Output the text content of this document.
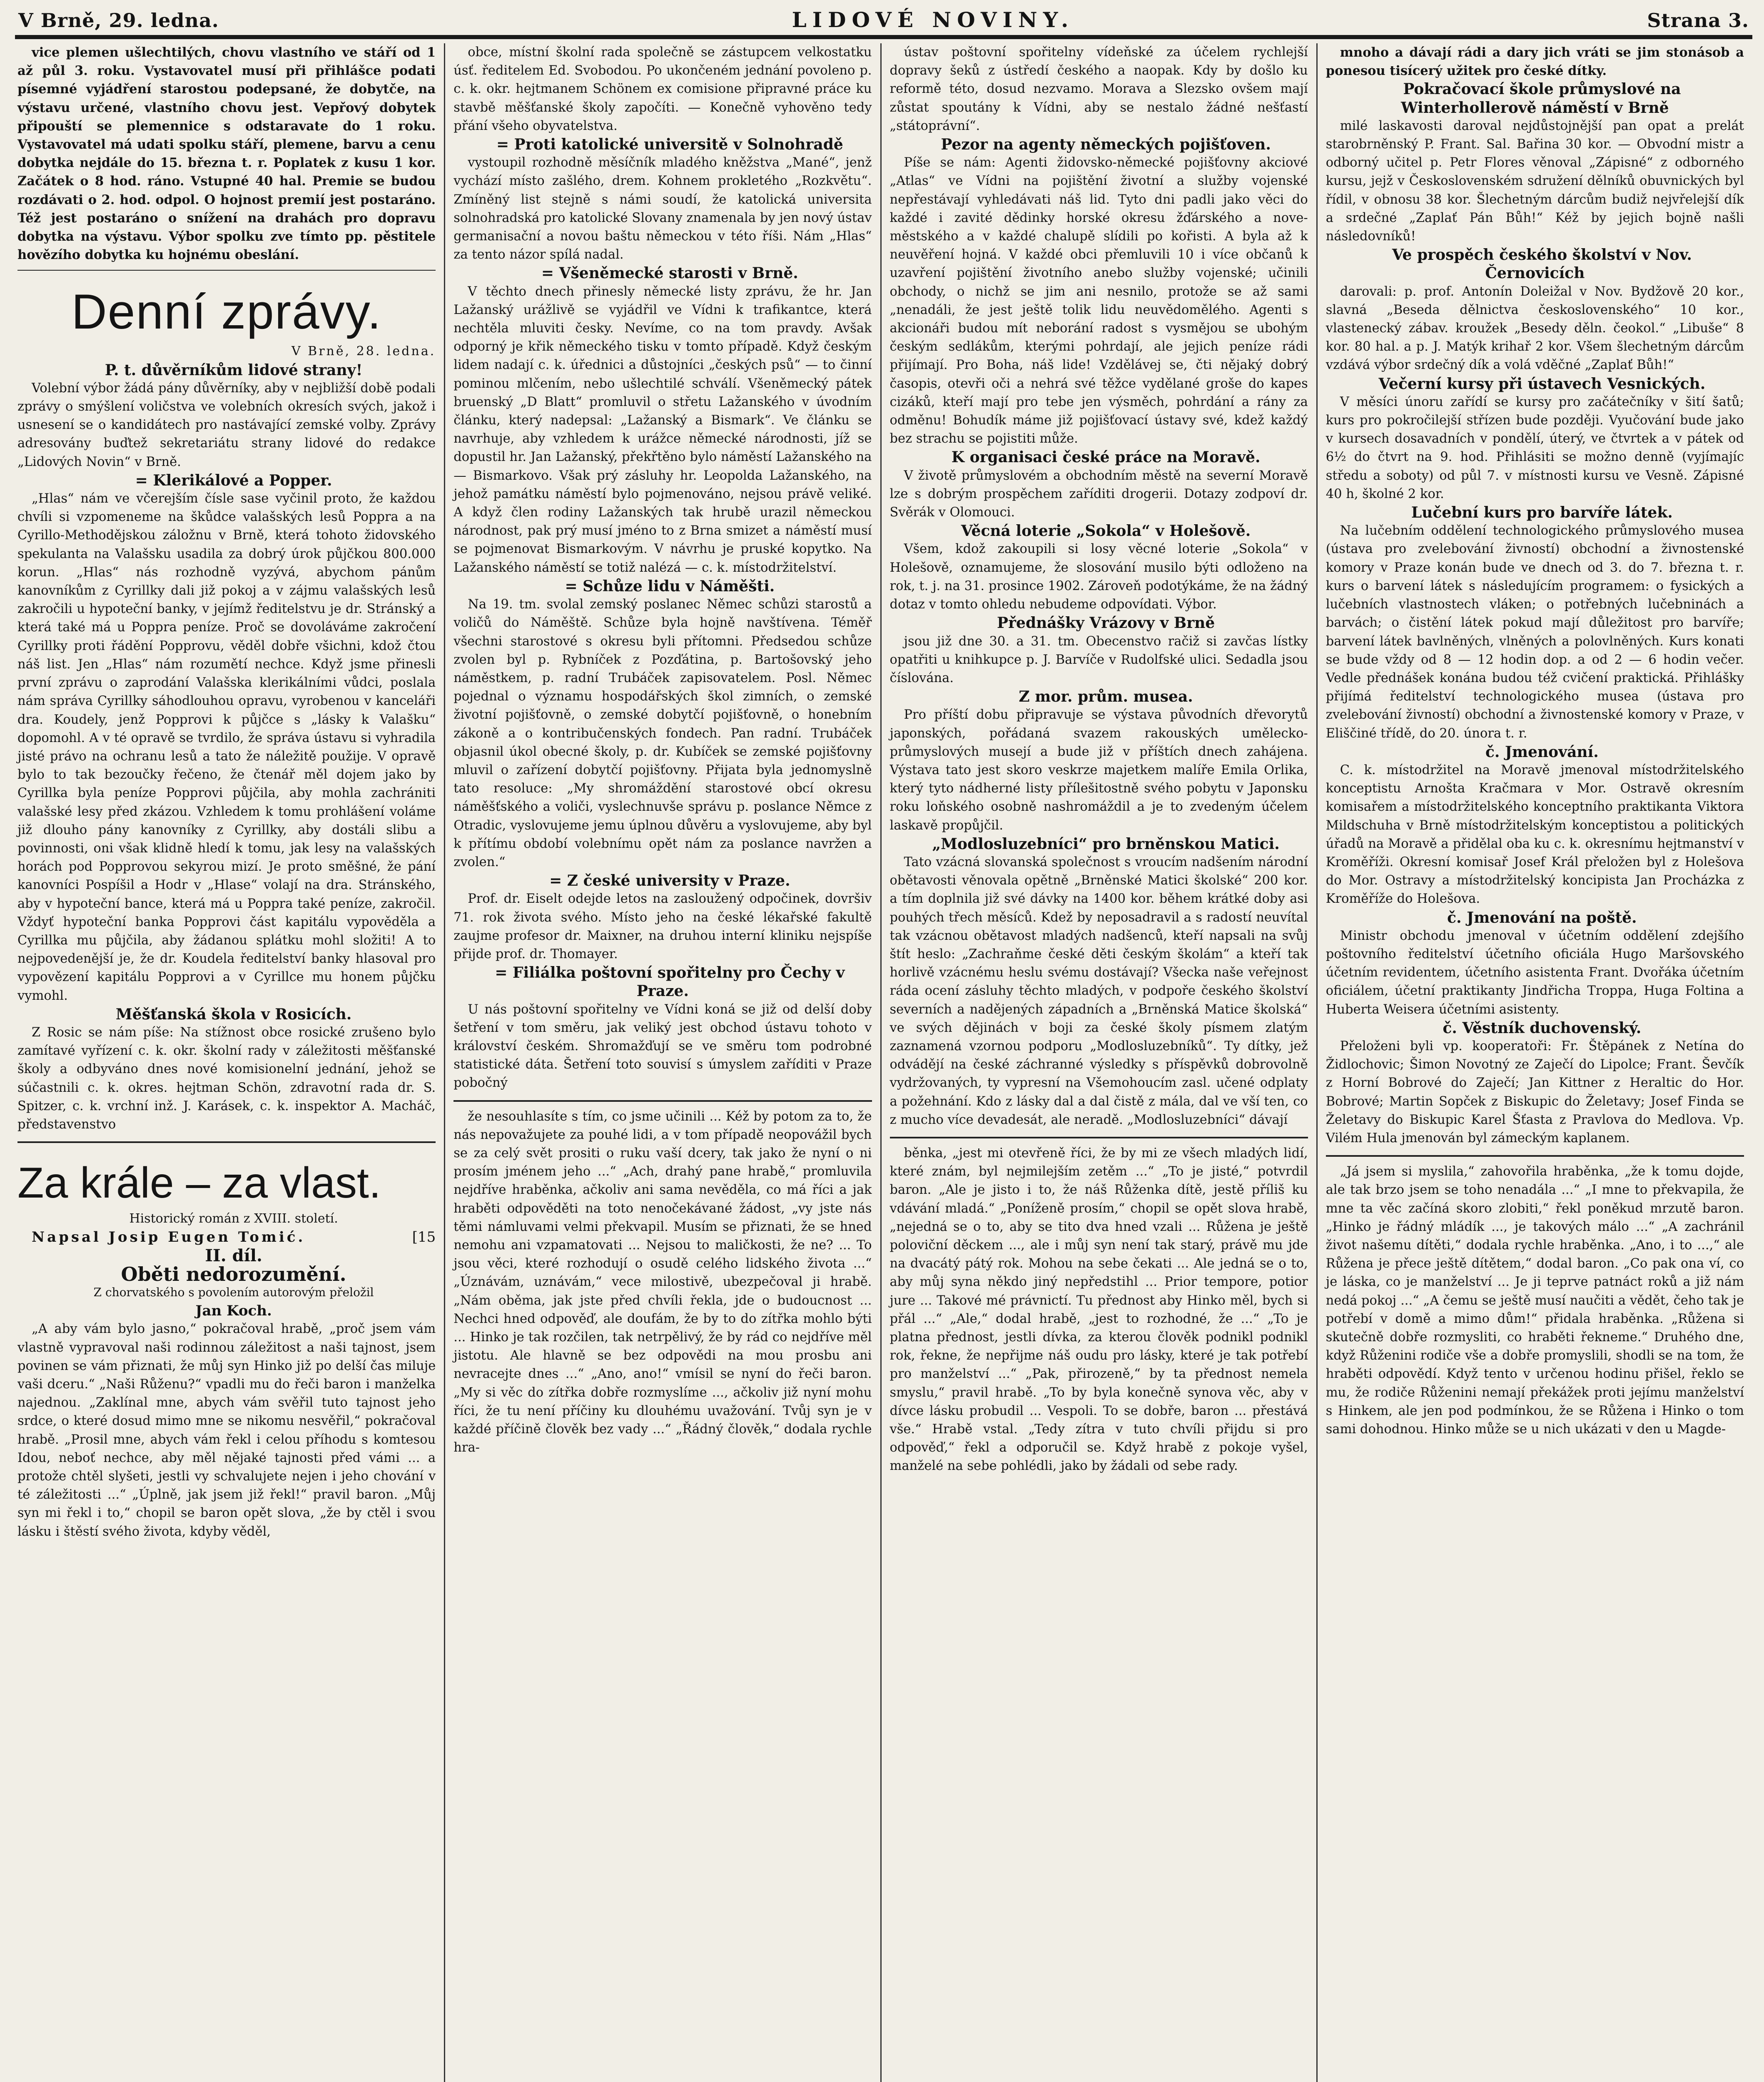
V Brně, 29. ledna.	LIDOVÉ NOVINY.	Strana 3.

vice plemen ušlechtilých, chovu vlastního ve stáří od 1 až půl 3. roku. Vystavovatel musí při přihlášce podati písemné vyjádření starostou podepsané, že dobytče, na výstavu určené, vlastního chovu jest. Vepřový dobytek připouští se plemennice s odstaravate do 1 roku. Vystavovatel má udati spolku stáří, plemene, barvu a cenu dobytka nejdále do 15. března t. r. Poplatek z kusu 1 kor. Začátek o 8 hod. ráno. Vstupné 40 hal. Premie se budou rozdávati o 2. hod. odpol. O hojnost premií jest postaráno. Též jest postaráno o snížení na drahách pro dopravu dobytka na výstavu. Výbor spolku zve tímto pp. pěstitele hovězího dobytka ku hojnému obeslání.

Denní zprávy.

V Brně, 28. ledna.

P. t. důvěrníkům lidové strany!

Volební výbor žádá pány důvěrníky, aby v nejbližší době podali zprávy o smýšlení voličstva ve volebních okresích svých, jakož i usnesení se o kandidátech pro nastávající zemské volby. Zprávy adresovány buďtež sekretariátu strany lidové do redakce „Lidových Novin“ v Brně.

= Klerikálové a Popper.

„Hlas“ nám ve včerejším čísle sase vyčinil proto, že každou chvíli si vzpomeneme na škůdce valašských lesů Poppra a na Cyrillo-Methodějskou záložnu v Brně, která tohoto židovského spekulanta na Valašsku usadila za dobrý úrok půjčkou 800.000 korun. „Hlas“ nás rozhodně vyzývá, abychom pánům kanovníkům z Cyrillky dali již pokoj a v zájmu valašských lesů zakročili u hypoteční banky, v jejímž ředitelstvu je dr. Stránský a která také má u Poppra peníze. Proč se dovoláváme zakročení Cyrillky proti řádění Popprovu, věděl dobře všichni, kdož čtou náš list. Jen „Hlas“ nám rozumětí nechce. Když jsme přinesli první zprávu o zaprodání Valašska klerikálními vůdci, poslala nám správa Cyrillky sáhodlouhou opravu, vyrobenou v kanceláři dra. Koudely, jenž Popprovi k půjčce s „lásky k Valašku“ dopomohl. A v té opravě se tvrdilo, že správa ústavu si vyhradila jisté právo na ochranu lesů a tato že náležitě použije. V opravě bylo to tak bezoučky řečeno, že čtenář měl dojem jako by Cyrillka byla peníze Popprovi půjčila, aby mohla zachrániti valašské lesy před zkázou. Vzhledem k tomu prohlášení voláme již dlouho pány kanovníky z Cyrillky, aby dostáli slibu a povinnosti, oni však klidně hledí k tomu, jak lesy na valašských horách pod Popprovou sekyrou mizí. Je proto směšné, že pání kanovníci Pospíšil a Hodr v „Hlase“ volají na dra. Stránského, aby v hypoteční bance, která má u Poppra také peníze, zakročil. Vždyť hypoteční banka Popprovi část kapitálu vypověděla a Cyrillka mu půjčila, aby žádanou splátku mohl složiti! A to nejpovedenější je, že dr. Koudela ředitelství banky hlasoval pro vypovězení kapitálu Popprovi a v Cyrillce mu honem půjčku vymohl.

Měšťanská škola v Rosicích.

Z Rosic se nám píše: Na stížnost obce rosické zrušeno bylo zamítavé vyřízení c. k. okr. školní rady v záležitosti měšťanské školy a odbyváno dnes nové komisionelní jednání, jehož se súčastnili c. k. okres. hejtman Schön, zdravotní rada dr. S. Spitzer, c. k. vrchní inž. J. Karásek, c. k. inspektor A. Macháč, představenstvo

Za krále – za vlast.

Historický román z XVIII. století.

Napsal Josip Eugen Tomić.	[15

II. díl.

Oběti nedorozumění.

Z chorvatského s povolením autorovým přeložil

Jan Koch.

„A aby vám bylo jasno,“ pokračoval hrabě, „proč jsem vám vlastně vypravoval naši rodinnou záležitost a naši tajnost, jsem povinen se vám přiznati, že můj syn Hinko již po delší čas miluje vaši dceru.“ „Naši Růženu?“ vpadli mu do řeči baron i manželka najednou. „Zaklínal mne, abych vám svěřil tuto tajnost jeho srdce, o které dosud mimo mne se nikomu nesvěřil,“ pokračoval hrabě. „Prosil mne, abych vám řekl i celou příhodu s komtesou Idou, neboť nechce, aby měl nějaké tajnosti před vámi ... a protože chtěl slyšeti, jestli vy schvalujete nejen i jeho chování v té záležitosti ...“ „Úplně, jak jsem již řekl!“ pravil baron. „Můj syn mi řekl i to,“ chopil se baron opět slova, „že by ctěl i svou lásku i štěstí svého života, kdyby věděl,

obce, místní školní rada společně se zástupcem velkostatku úsť. ředitelem Ed. Svobodou. Po ukončeném jednání povoleno p. c. k. okr. hejtmanem Schönem ex comisione připravné práce ku stavbě měšťanské školy započíti. — Konečně vyhověno tedy přání všeho obyvatelstva.

= Proti katolické universitě v Solnohradě

vystoupil rozhodně měsíčník mladého kněžstva „Mané“, jenž vychází místo zašlého, drem. Kohnem prokletého „Rozkvětu“. Zmíněný list stejně s námi soudí, že katolická universita solnohradská pro katolické Slovany znamenala by jen nový ústav germanisační a novou baštu německou v této říši. Nám „Hlas“ za tento názor spílá nadal.

= Všeněmecké starosti v Brně.

V těchto dnech přinesly německé listy zprávu, že hr. Jan Lažanský urážlivě se vyjádřil ve Vídni k trafikantce, která nechtěla mluviti česky. Nevíme, co na tom pravdy. Avšak odporný je křik německého tisku v tomto případě. Když českým lidem nadají c. k. úřednici a důstojníci „českých psů“ — to činní pominou mlčením, nebo ušlechtilé schválí. Všeněmecký pátek bruenský „D Blatt“ promluvil o střetu Lažanského v úvodním článku, který nadepsal: „Lažanský a Bismark“. Ve článku se navrhuje, aby vzhledem k urážce německé národnosti, jíž se dopustil hr. Jan Lažanský, překřtěno bylo náměstí Lažanského na — Bismarkovo. Však prý zásluhy hr. Leopolda Lažanského, na jehož památku náměstí bylo pojmenováno, nejsou právě veliké. A když člen rodiny Lažanských tak hrubě urazil německou národnost, pak prý musí jméno to z Brna smizet a náměstí musí se pojmenovat Bismarkovým. V návrhu je pruské kopytko. Na Lažanského náměstí se totiž nalézá — c. k. místodržitelství.

= Schůze lidu v Náměšti.

Na 19. tm. svolal zemský poslanec Němec schůzi starostů a voličů do Náměště. Schůze byla hojně navštívena. Téměř všechni starostové s okresu byli přítomni. Předsedou schůze zvolen byl p. Rybníček z Pozďátina, p. Bartošovský jeho náměstkem, p. radní Trubáček zapisovatelem. Posl. Němec pojednal o významu hospodářských škol zimních, o zemské životní pojišťovně, o zemské dobytčí pojišťovně, o honebním zákoně a o kontribučenských fondech. Pan radní. Trubáček objasnil úkol obecné školy, p. dr. Kubíček se zemské pojišťovny mluvil o zařízení dobytčí pojišťovny. Přijata byla jednomyslně tato resoluce: „My shromáždění starostové obcí okresu náměšťského a voliči, vyslechnuvše správu p. poslance Němce z Otradic, vyslovujeme jemu úplnou důvěru a vyslovujeme, aby byl k přítímu období volebnímu opět nám za poslance navržen a zvolen.“

= Z české university v Praze.

Prof. dr. Eiselt odejde letos na zasloužený odpočinek, dovršiv 71. rok života svého. Místo jeho na české lékařské fakultě zaujme profesor dr. Maixner, na druhou interní kliniku nejspíše přijde prof. dr. Thomayer.

= Filiálka poštovní spořitelny pro Čechy v Praze.

U nás poštovní spořitelny ve Vídni koná se již od delší doby šetření v tom směru, jak veliký jest obchod ústavu tohoto v království českém. Shromažďují se ve směru tom podrobné statistické dáta. Šetření toto souvisí s úmyslem zaříditi v Praze pobočný

že nesouhlasíte s tím, co jsme učinili ... Kéž by potom za to, že nás nepovažujete za pouhé lidi, a v tom případě neopovážil bych se za celý svět prositi o ruku vaší dcery, tak jako že nyní o ni prosím jménem jeho ...“ „Ach, drahý pane hrabě,“ promluvila nejdříve hraběnka, ačkoliv ani sama nevěděla, co má říci a jak hraběti odpověděti na toto nenočekávané žádost, „vy jste nás těmi námluvami velmi překvapil. Musím se přiznati, že se hned nemohu ani vzpamatovati ... Nejsou to maličkosti, že ne? ... To jsou věci, které rozhodují o osudě celého lidského života ...“ „Úznávám, uznávám,“ vece milostivě, ubezpečoval ji hrabě. „Nám oběma, jak jste před chvíli řekla, jde o budoucnost ... Nechci hned odpověď, ale doufám, že by to do zítřka mohlo býti ... Hinko je tak rozčilen, tak netrpělivý, že by rád co nejdříve měl jistotu. Ale hlavně se bez odpovědi na mou prosbu ani nevracejte dnes ...“ „Ano, ano!“ vmísil se nyní do řeči baron. „My si věc do zítřka dobře rozmyslíme ..., ačkoliv již nyní mohu říci, že tu není příčiny ku dlouhému uvažování. Tvůj syn je v každé příčině člověk bez vady ...“ „Řádný člověk,“ dodala rychle hra-

ústav poštovní spořitelny vídeňské za účelem rychlejší dopravy šeků z ústředí českého a naopak. Kdy by došlo ku reformě této, dosud nezvamo. Morava a Slezsko ovšem mají zůstat spoutány k Vídni, aby se nestalo žádné nešťastí „státoprávní“.

Pezor na agenty německých pojišťoven.

Píše se nám: Agenti židovsko-německé pojišťovny akciové „Atlas“ ve Vídni na pojištění životní a služby vojenské nepřestávají vyhledávati náš lid. Tyto dni padli jako věci do každé i zavité dědinky horské okresu žďárského a nove-městského a v každé chalupě slídili po kořisti. A byla až k neuvěření hojná. V každé obci přemluvili 10 i více občanů k uzavření pojištění životního anebo služby vojenské; učinili obchody, o nichž se jim ani nesnilo, protože se až sami „nenadáli, že jest ještě tolik lidu neuvědomělého. Agenti s akcionáři budou mít neborání radost s vysmějou se ubohým českým sedlákům, kterými pohrdají, ale jejich peníze rádi přijímají. Pro Boha, náš lide! Vzdělávej se, čti nějaký dobrý časopis, otevři oči a nehrá své těžce vydělané groše do kapes cizáků, kteří mají pro tebe jen výsměch, pohrdání a rány za odměnu! Bohudík máme již pojišťovací ústavy své, kdež každý bez strachu se pojistiti může.

K organisaci české práce na Moravě.

V životě průmyslovém a obchodním městě na severní Moravě lze s dobrým prospěchem zaříditi drogerii. Dotazy zodpoví dr. Svěrák v Olomouci.

Věcná loterie „Sokola“ v Holešově.

Všem, kdož zakoupili si losy věcné loterie „Sokola“ v Holešově, oznamujeme, že slosování musilo býti odloženo na rok, t. j. na 31. prosince 1902. Zároveň podotýkáme, že na žádný dotaz v tomto ohledu nebudeme odpovídati. Výbor.

Přednášky Vrázovy v Brně

jsou již dne 30. a 31. tm. Obecenstvo račiž si zavčas lístky opatřiti u knihkupce p. J. Barvíče v Rudolfské ulici. Sedadla jsou číslována.

Z mor. prům. musea.

Pro příští dobu připravuje se výstava původních dřevorytů japonských, pořádaná svazem rakouských umělecko-průmyslových musejí a bude již v příštích dnech zahájena. Výstava tato jest skoro veskrze majetkem malíře Emila Orlika, který tyto nádherné listy přílešitostně svého pobytu v Japonsku roku loňského osobně nashromáždil a je to zvedeným účelem laskavě propůjčil.

„Modlosluzebníci“ pro brněnskou Matici.

Tato vzácná slovanská společnost s vroucím nadšením národní obětavosti věnovala opětně „Brněnské Matici školské“ 200 kor. a tím doplnila již své dávky na 1400 kor. během krátké doby asi pouhých třech měsíců. Kdež by neposadravil a s radostí neuvítal tak vzácnou obětavost mladých nadšenců, kteří napsali na svůj štít heslo: „Zachraňme české děti českým školám“ a kteří tak horlivě vzácnému heslu svému dostávají? Všecka naše veřejnost ráda ocení zásluhy těchto mladých, v podpoře českého školství severních a nadějených západních a „Brněnská Matice školská“ ve svých dějinách v boji za české školy písmem zlatým zaznamená vzornou podporu „Modlosluzebníků“. Ty dítky, jež odvádějí na české záchranné výsledky s příspěvků dobrovolně vydržovaných, ty vypresní na Všemohoucím zasl. učené odplaty a požehnání. Kdo z lásky dal a dal čistě z mála, dal ve vší ten, co z mucho více devadesát, ale neradě. „Modlosluzebníci“ dávají

běnka, „jest mi otevřeně říci, že by mi ze všech mladých lidí, které znám, byl nejmilejším zetěm ...“ „To je jisté,“ potvrdil baron. „Ale je jisto i to, že náš Růženka dítě, jestě příliš ku vdávání mladá.“ „Poníženě prosím,“ chopil se opět slova hrabě, „nejedná se o to, aby se tito dva hned vzali ... Růžena je ještě poloviční děckem ..., ale i můj syn není tak starý, právě mu jde na dvacátý pátý rok. Mohou na sebe čekati ... Ale jedná se o to, aby můj syna někdo jiný nepředstihl ... Prior tempore, potior jure ... Takové mé právnictí. Tu přednost aby Hinko měl, bych si přál ...“ „Ale,“ dodal hrabě, „jest to rozhodné, že ...“ „To je platna přednost, jestli dívka, za kterou člověk podnikl podnikl rok, řekne, že nepřijme náš oudu pro lásky, které je tak potřebí pro manželství ...“ „Pak, přirozeně,“ by ta přednost nemela smyslu,“ pravil hrabě. „To by byla konečně synova věc, aby v dívce lásku probudil ... Vespoli. To se dobře, baron ... přestává vše.“ Hrabě vstal. „Tedy zítra v tuto chvíli přijdu si pro odpověď,“ řekl a odporučil se. Když hrabě z pokoje vyšel, manželé na sebe pohlédli, jako by žádali od sebe rady.

mnoho a dávají rádi a dary jich vráti se jim stonásob a ponesou tisícerý užitek pro české dítky.

Pokračovací škole průmyslové na Winterhollerově náměstí v Brně

milé laskavosti daroval nejdůstojnější pan opat a prelát starobrněnský P. Frant. Sal. Bařina 30 kor. — Obvodní mistr a odborný učitel p. Petr Flores věnoval „Zápisné“ z odborného kursu, jejž v Československém sdružení dělníků obuvnických byl řídil, v obnosu 38 kor. Šlechetným dárcům budiž nejvřelejší dík a srdečné „Zaplať Pán Bůh!“ Kéž by jejich bojně našli následovníků!

Ve prospěch českého školství v Nov. Černovicích

darovali: p. prof. Antonín Doleižal v Nov. Bydžově 20 kor., slavná „Beseda dělnictva československého“ 10 kor., vlastenecký zábav. kroužek „Besedy děln. čeokol.“ „Libuše“ 8 kor. 80 hal. a p. J. Matýk krihař 2 kor. Všem šlechetným dárcům vzdává výbor srdečný dík a volá vděčné „Zaplať Bůh!“

Večerní kursy při ústavech Vesnických.

V měsíci únoru zařídí se kursy pro začátečníky v šití šatů; kurs pro pokročilejší střízen bude později. Vyučování bude jako v kursech dosavadních v pondělí, úterý, ve čtvrtek a v pátek od 6½ do čtvrt na 9. hod. Přihlásiti se možno denně (vyjímajíc středu a soboty) od půl 7. v místnosti kursu ve Vesně. Zápisné 40 h, školné 2 kor.

Lučební kurs pro barvíře látek.

Na lučebním oddělení technologického průmyslového musea (ústava pro zvelebování živností) obchodní a živnostenské komory v Praze konán bude ve dnech od 3. do 7. března t. r. kurs o barvení látek s následujícím programem: o fysických a lučebních vlastnostech vláken; o potřebných lučebninách a barvách; o čistění látek pokud mají důležitost pro barvíře; barvení látek bavlněných, vlněných a polovlněných. Kurs konati se bude vždy od 8 — 12 hodin dop. a od 2 — 6 hodin večer. Vedle přednášek konána budou též cvičení praktická. Přihlášky přijímá ředitelství technologického musea (ústava pro zvelebování živností) obchodní a živnostenské komory v Praze, v Eliščiné třídě, do 20. února t. r.

č. Jmenování.

C. k. místodržitel na Moravě jmenoval místodržitelského konceptistu Arnošta Kračmara v Mor. Ostravě okresním komisařem a místodržitelského konceptního praktikanta Viktora Mildschuha v Brně místodržitelským konceptistou a politických úřadů na Moravě a přidělal oba ku c. k. okresnímu hejtmanství v Kroměříži. Okresní komisař Josef Král přeložen byl z Holešova do Mor. Ostravy a místodržitelský koncipista Jan Procházka z Kroměříže do Holešova.

č. Jmenování na poště.

Ministr obchodu jmenoval v účetním oddělení zdejšího poštovního ředitelství účetního oficiála Hugo Maršovského účetním revidentem, účetního asistenta Frant. Dvořáka účetním oficiálem, účetní praktikanty Jindřicha Troppa, Huga Foltina a Huberta Weisera účetními asistenty.

č. Věstník duchovenský.

Přeloženi byli vp. kooperatoři: Fr. Štěpánek z Netína do Židlochovic; Šimon Novotný ze Zaječí do Lipolce; Frant. Ševčík z Horní Bobrové do Zaječí; Jan Kittner z Heraltic do Hor. Bobrové; Martin Sopček z Biskupic do Želetavy; Josef Finda se Želetavy do Biskupic Karel Šťasta z Pravlova do Medlova. Vp. Vilém Hula jmenován byl zámeckým kaplanem.

„Já jsem si myslila,“ zahovořila hraběnka, „že k tomu dojde, ale tak brzo jsem se toho nenadála ...“ „I mne to překvapila, že mne ta věc začíná skoro zlobiti,“ řekl poněkud mrzutě baron. „Hinko je řádný mládík ..., je takových málo ...“ „A zachránil život našemu dítěti,“ dodala rychle hraběnka. „Ano, i to ...,“ ale Růžena je přece ještě dítětem,“ dodal baron. „Co pak ona ví, co je láska, co je manželství ... Je ji teprve patnáct roků a již nám nedá pokoj ...“ „A čemu se ještě musí naučiti a vědět, čeho tak je potřebí v domě a mimo dům!“ přidala hraběnka. „Růžena si skutečně dobře rozmysliti, co hraběti řekneme.“ Druhého dne, když Růženini rodiče vše a dobře promyslili, shodli se na tom, že hraběti odpovědí. Když tento v určenou hodinu přišel, řeklo se mu, že rodiče Růženini nemají překážek proti jejímu manželství s Hinkem, ale jen pod podmínkou, že se Růžena i Hinko o tom sami dohodnou. Hinko může se u nich ukázati v den u Magde-
